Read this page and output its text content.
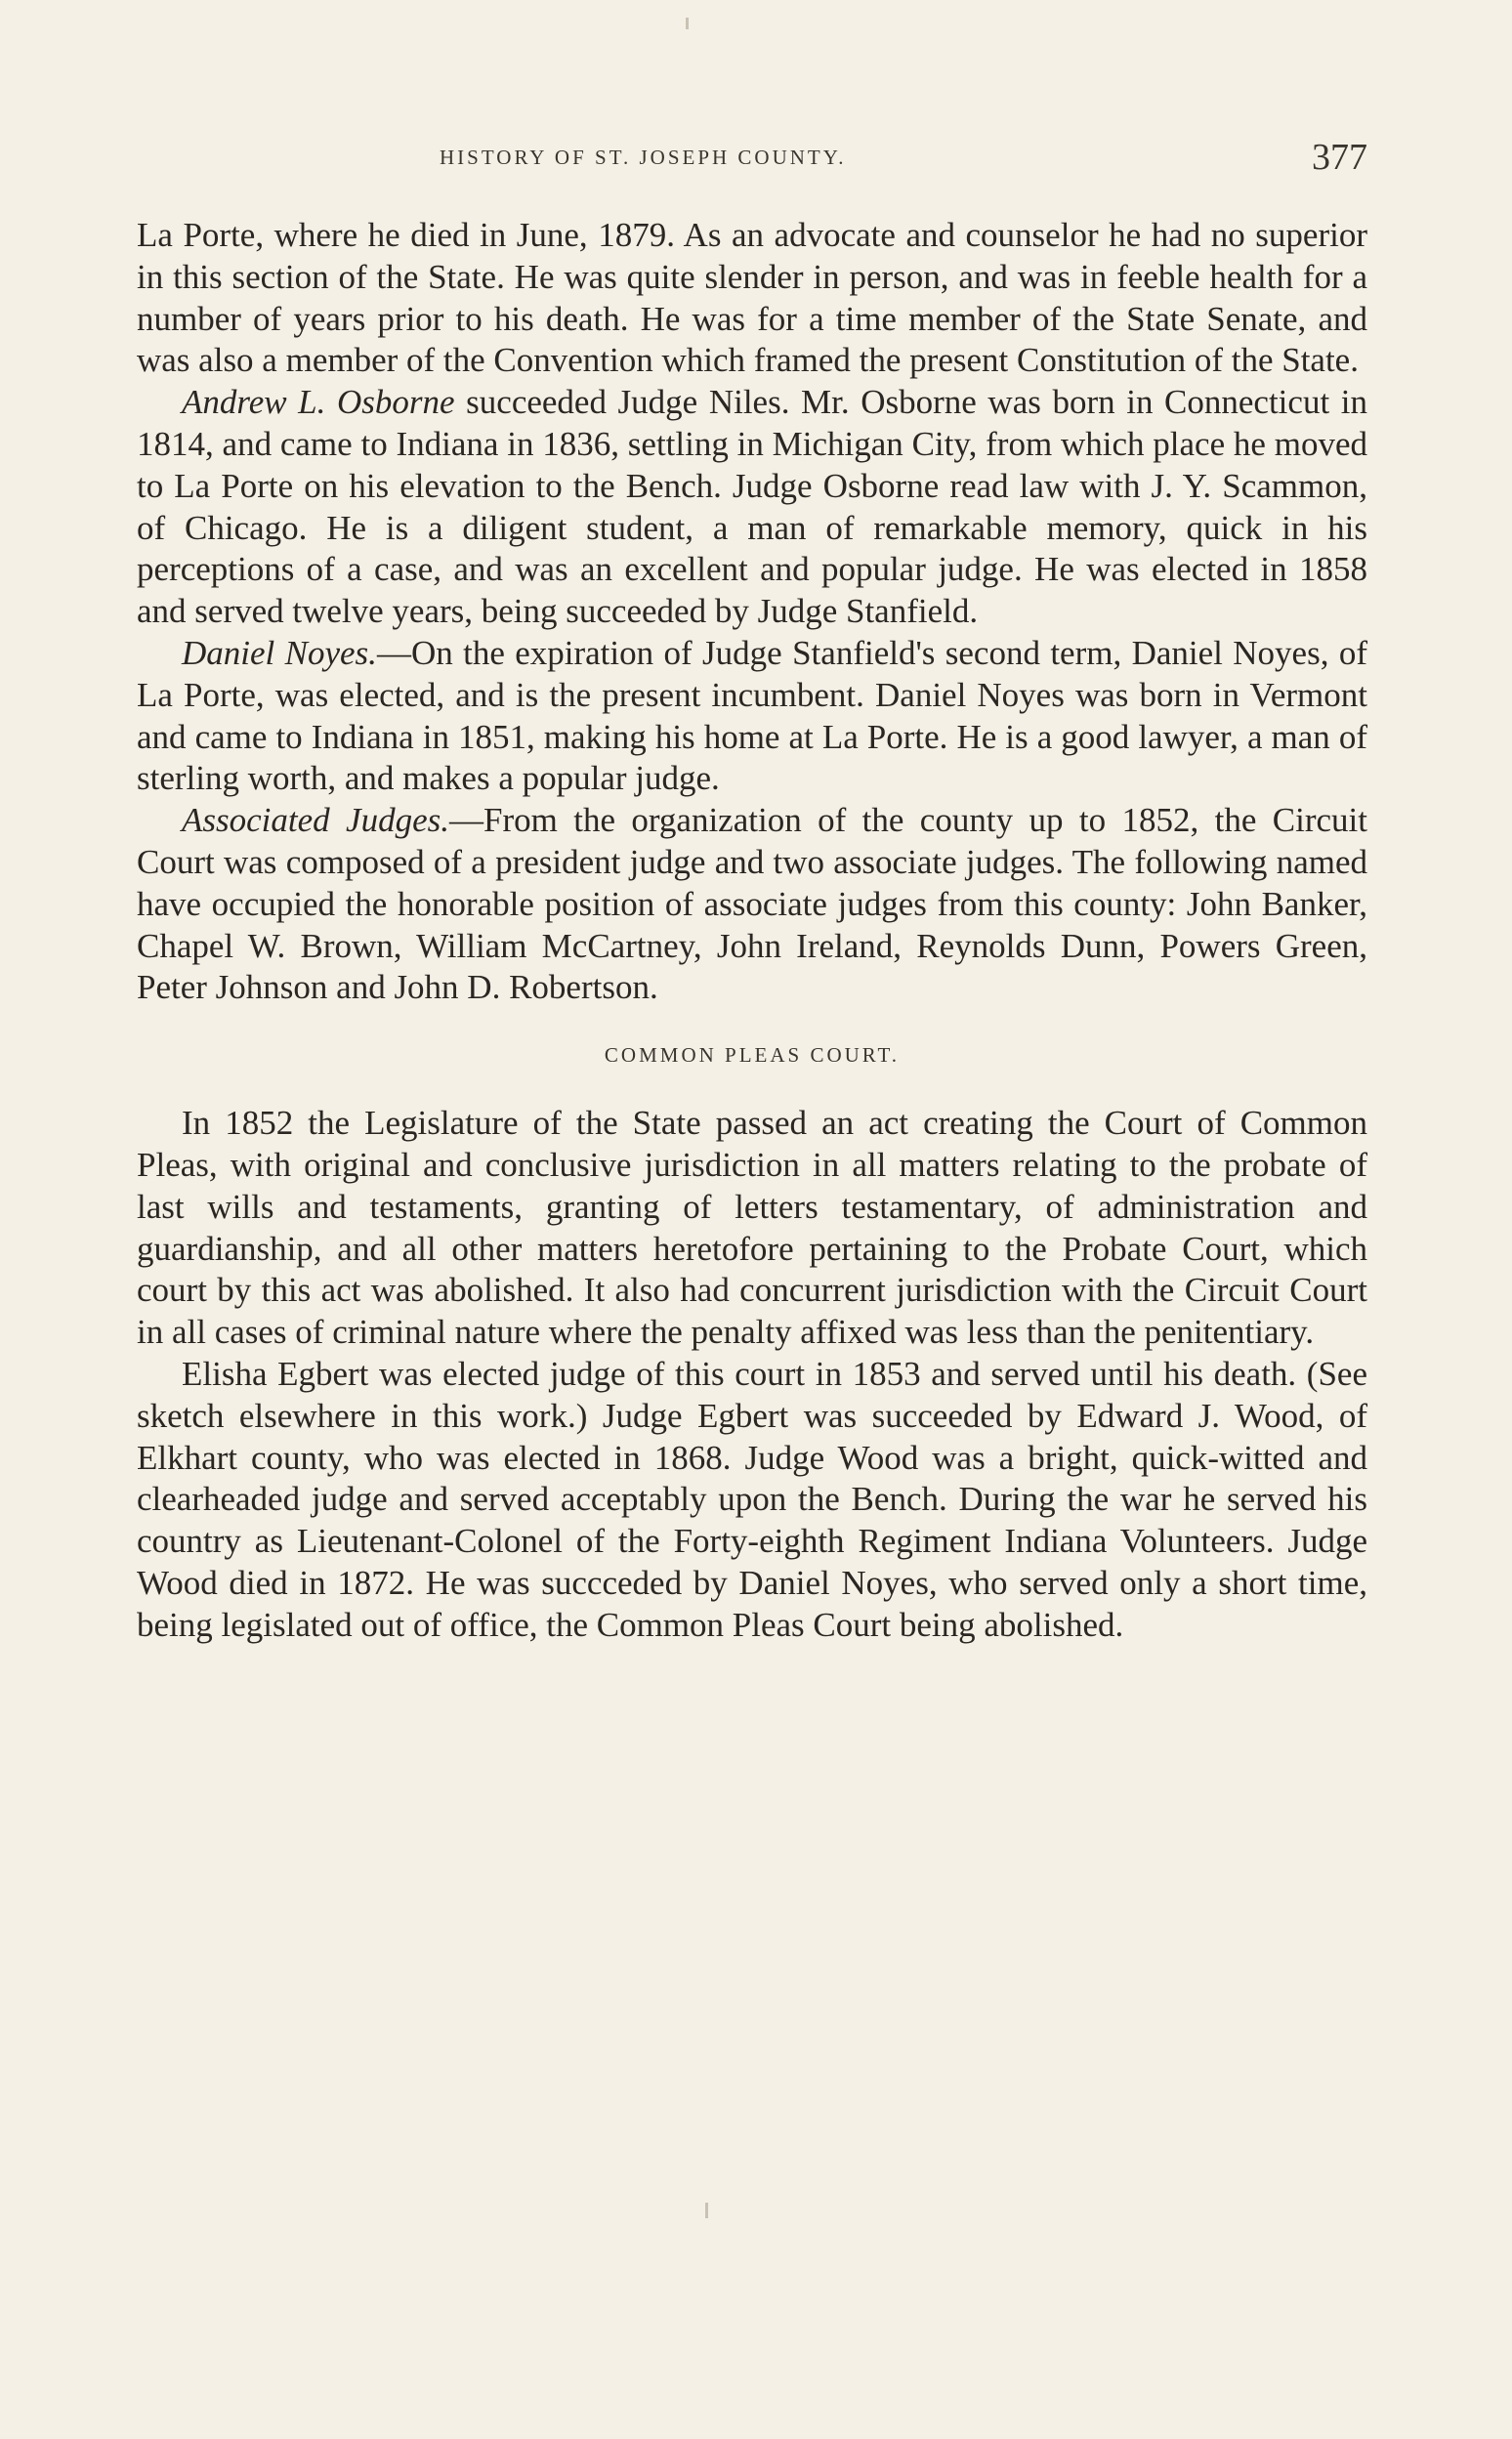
HISTORY OF ST. JOSEPH COUNTY.	377

La Porte, where he died in June, 1879. As an advocate and counselor he had no superior in this section of the State. He was quite slender in person, and was in feeble health for a number of years prior to his death. He was for a time member of the State Senate, and was also a member of the Convention which framed the present Constitution of the State.

Andrew L. Osborne succeeded Judge Niles. Mr. Osborne was born in Connecticut in 1814, and came to Indiana in 1836, settling in Michigan City, from which place he moved to La Porte on his elevation to the Bench. Judge Osborne read law with J. Y. Scammon, of Chicago. He is a diligent student, a man of remarkable memory, quick in his perceptions of a case, and was an excellent and popular judge. He was elected in 1858 and served twelve years, being succeeded by Judge Stanfield.

Daniel Noyes.—On the expiration of Judge Stanfield's second term, Daniel Noyes, of La Porte, was elected, and is the present incumbent. Daniel Noyes was born in Vermont and came to Indiana in 1851, making his home at La Porte. He is a good lawyer, a man of sterling worth, and makes a popular judge.

Associated Judges.—From the organization of the county up to 1852, the Circuit Court was composed of a president judge and two associate judges. The following named have occupied the honorable position of associate judges from this county: John Banker, Chapel W. Brown, William McCartney, John Ireland, Reynolds Dunn, Powers Green, Peter Johnson and John D. Robertson.

COMMON PLEAS COURT.

In 1852 the Legislature of the State passed an act creating the Court of Common Pleas, with original and conclusive jurisdiction in all matters relating to the probate of last wills and testaments, granting of letters testamentary, of administration and guardianship, and all other matters heretofore pertaining to the Probate Court, which court by this act was abolished. It also had concurrent jurisdiction with the Circuit Court in all cases of criminal nature where the penalty affixed was less than the penitentiary.

Elisha Egbert was elected judge of this court in 1853 and served until his death. (See sketch elsewhere in this work.) Judge Egbert was succeeded by Edward J. Wood, of Elkhart county, who was elected in 1868. Judge Wood was a bright, quick-witted and clearheaded judge and served acceptably upon the Bench. During the war he served his country as Lieutenant-Colonel of the Forty-eighth Regiment Indiana Volunteers. Judge Wood died in 1872. He was succceded by Daniel Noyes, who served only a short time, being legislated out of office, the Common Pleas Court being abolished.
